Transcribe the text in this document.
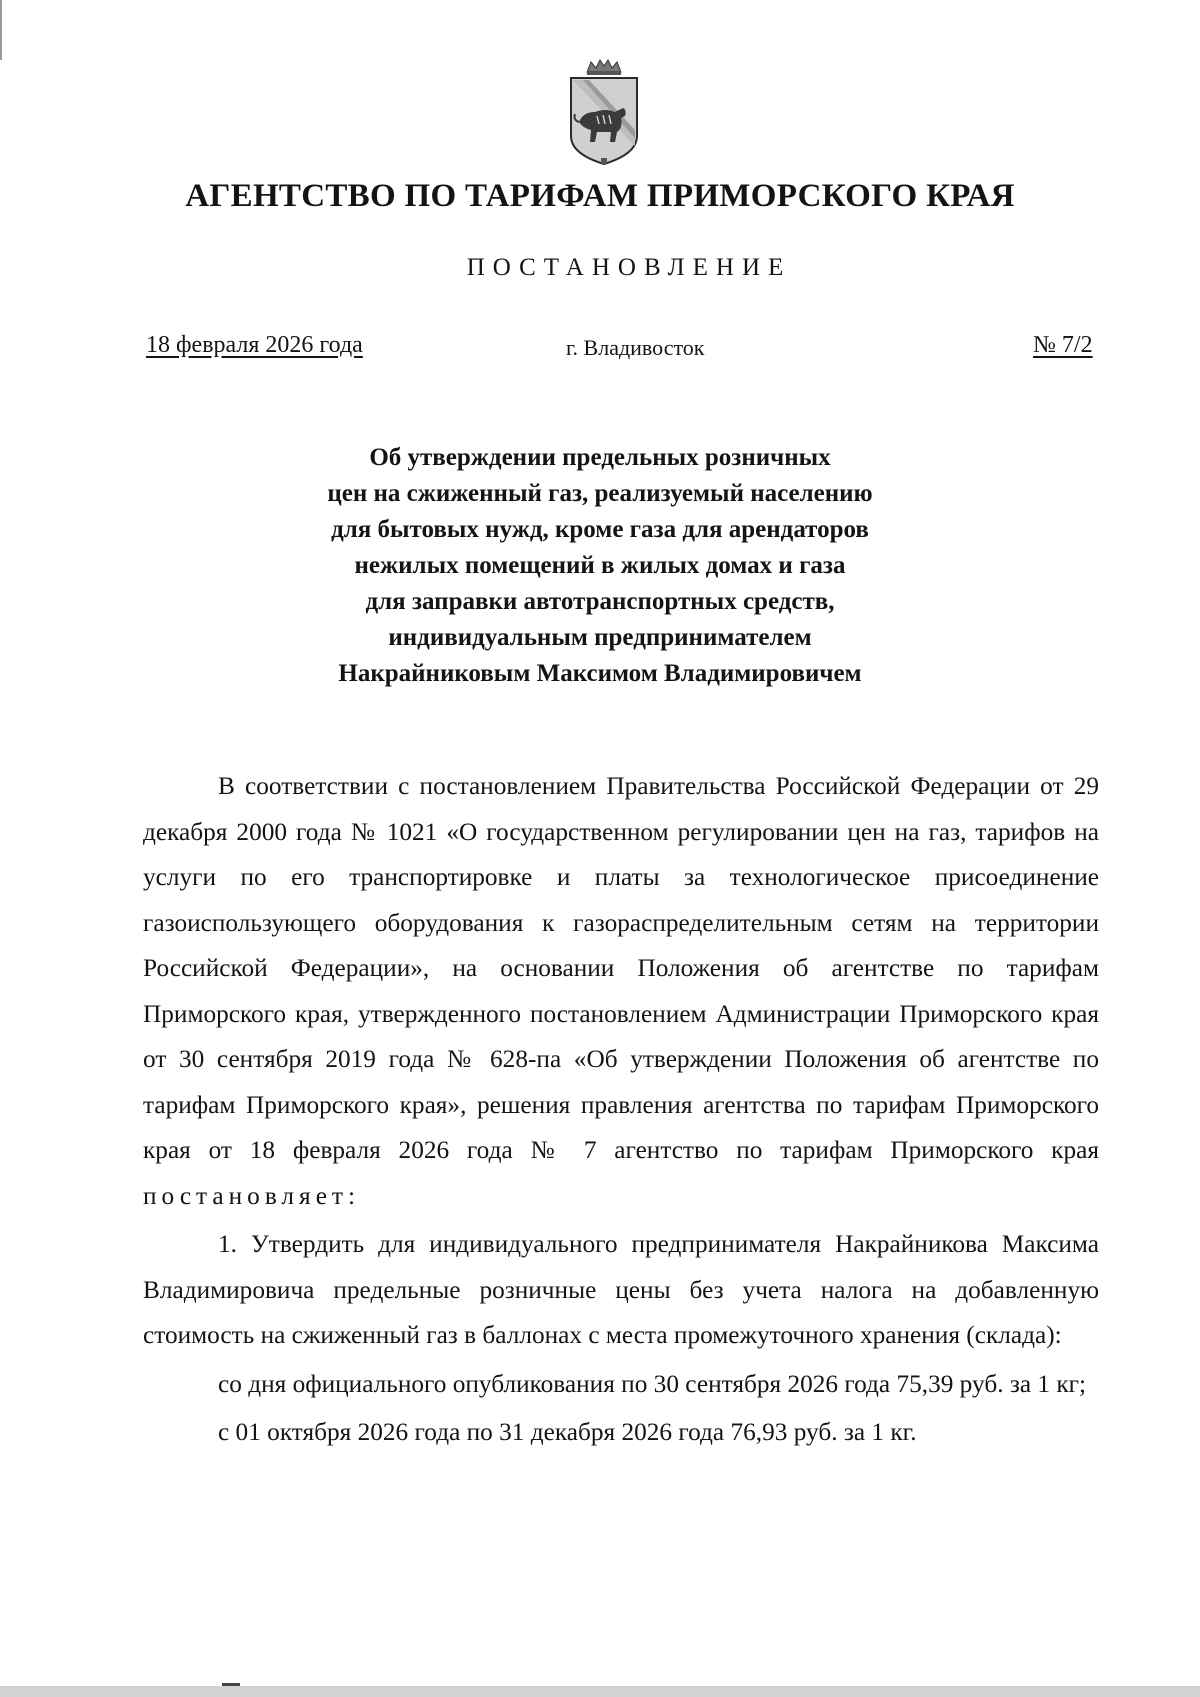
АГЕНТСТВО ПО ТАРИФАМ ПРИМОРСКОГО КРАЯ
ПОСТАНОВЛЕНИЕ
18 февраля 2026 года	г. Владивосток	№ 7/2
Об утверждении предельных розничных
цен на сжиженный газ, реализуемый населению
для бытовых нужд, кроме газа для арендаторов
нежилых помещений в жилых домах и газа
для заправки автотранспортных средств,
индивидуальным предпринимателем
Накрайниковым Максимом Владимировичем

В соответствии с постановлением Правительства Российской Федерации от 29 декабря 2000 года № 1021 «О государственном регулировании цен на газ, тарифов на услуги по его транспортировке и платы за технологическое присоединение газоиспользующего оборудования к газораспределительным сетям на территории Российской Федерации», на основании Положения об агентстве по тарифам Приморского края, утвержденного постановлением Администрации Приморского края от 30 сентября 2019 года № 628-па «Об утверждении Положения об агентстве по тарифам Приморского края», решения правления агентства по тарифам Приморского края от 18 февраля 2026 года № 7 агентство по тарифам Приморского края постановляет:

1. Утвердить для индивидуального предпринимателя Накрайникова Максима Владимировича предельные розничные цены без учета налога на добавленную стоимость на сжиженный газ в баллонах с места промежуточного хранения (склада):

со дня официального опубликования по 30 сентября 2026 года 75,39 руб. за 1 кг;

с 01 октября 2026 года по 31 декабря 2026 года 76,93 руб. за 1 кг.
